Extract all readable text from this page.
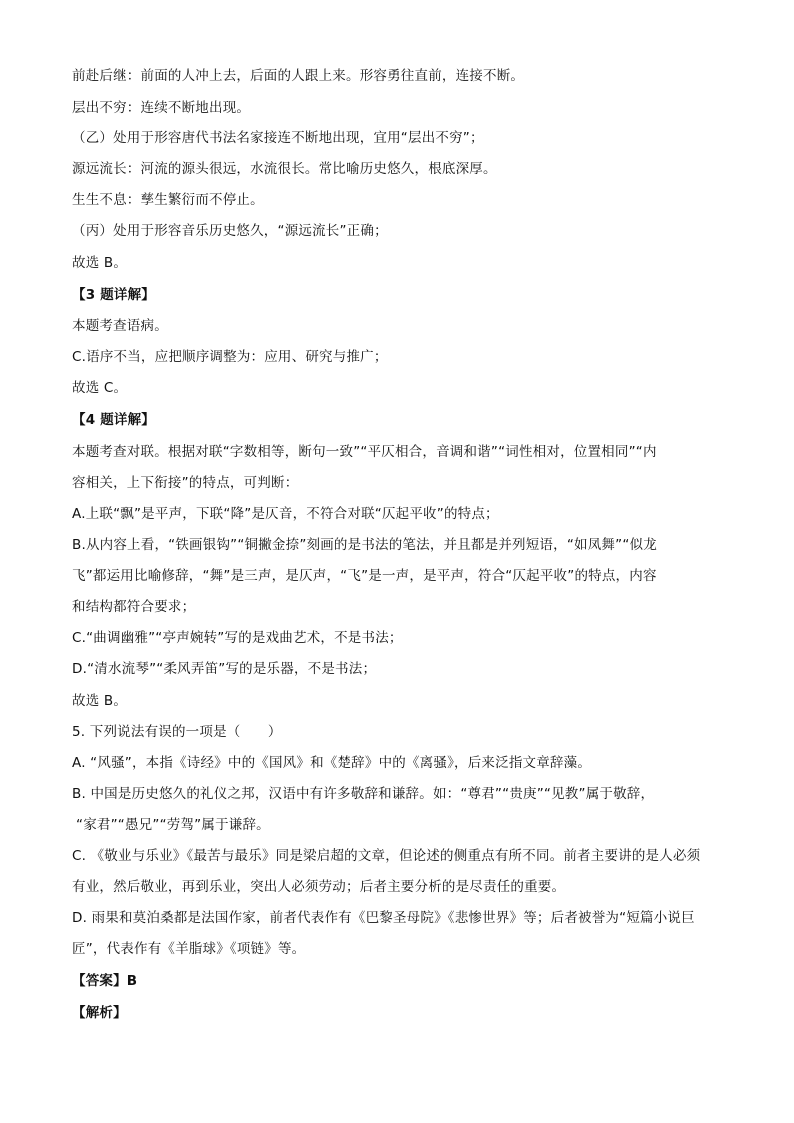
前赴后继：前面的人冲上去，后面的人跟上来。形容勇往直前，连接不断。
层出不穷：连续不断地出现。
（乙）处用于形容唐代书法名家接连不断地出现，宜用“层出不穷”；
源远流长：河流的源头很远，水流很长。常比喻历史悠久，根底深厚。
生生不息：孳生繁衍而不停止。
（丙）处用于形容音乐历史悠久，“源远流长”正确；
故选 B。
【3 题详解】
本题考查语病。
C.语序不当，应把顺序调整为：应用、研究与推广；
故选 C。
【4 题详解】
本题考查对联。根据对联“字数相等，断句一致”“平仄相合，音调和谐”“词性相对，位置相同”“内
容相关，上下衔接”的特点，可判断：
A.上联“飘”是平声，下联“降”是仄音，不符合对联“仄起平收”的特点；
B.从内容上看，“铁画银钩”“铜撇金捺”刻画的是书法的笔法，并且都是并列短语，“如凤舞”“似龙
飞”都运用比喻修辞，“舞”是三声，是仄声，“飞”是一声，是平声，符合“仄起平收”的特点，内容
和结构都符合要求；
C.“曲调幽雅”“亭声婉转”写的是戏曲艺术，不是书法；
D.“清水流琴”“柔风弄笛”写的是乐器，不是书法；
故选 B。
5. 下列说法有误的一项是（　　）
A. “风骚”，本指《诗经》中的《国风》和《楚辞》中的《离骚》，后来泛指文章辞藻。
B. 中国是历史悠久的礼仪之邦，汉语中有许多敬辞和谦辞。如：“尊君”“贵庚”“见教”属于敬辞，
“家君”“愚兄”“劳驾”属于谦辞。
C. 《敬业与乐业》《最苦与最乐》同是梁启超的文章，但论述的侧重点有所不同。前者主要讲的是人必须
有业，然后敬业，再到乐业，突出人必须劳动；后者主要分析的是尽责任的重要。
D. 雨果和莫泊桑都是法国作家，前者代表作有《巴黎圣母院》《悲惨世界》等；后者被誉为“短篇小说巨
匠”，代表作有《羊脂球》《项链》等。
【答案】B
【解析】
